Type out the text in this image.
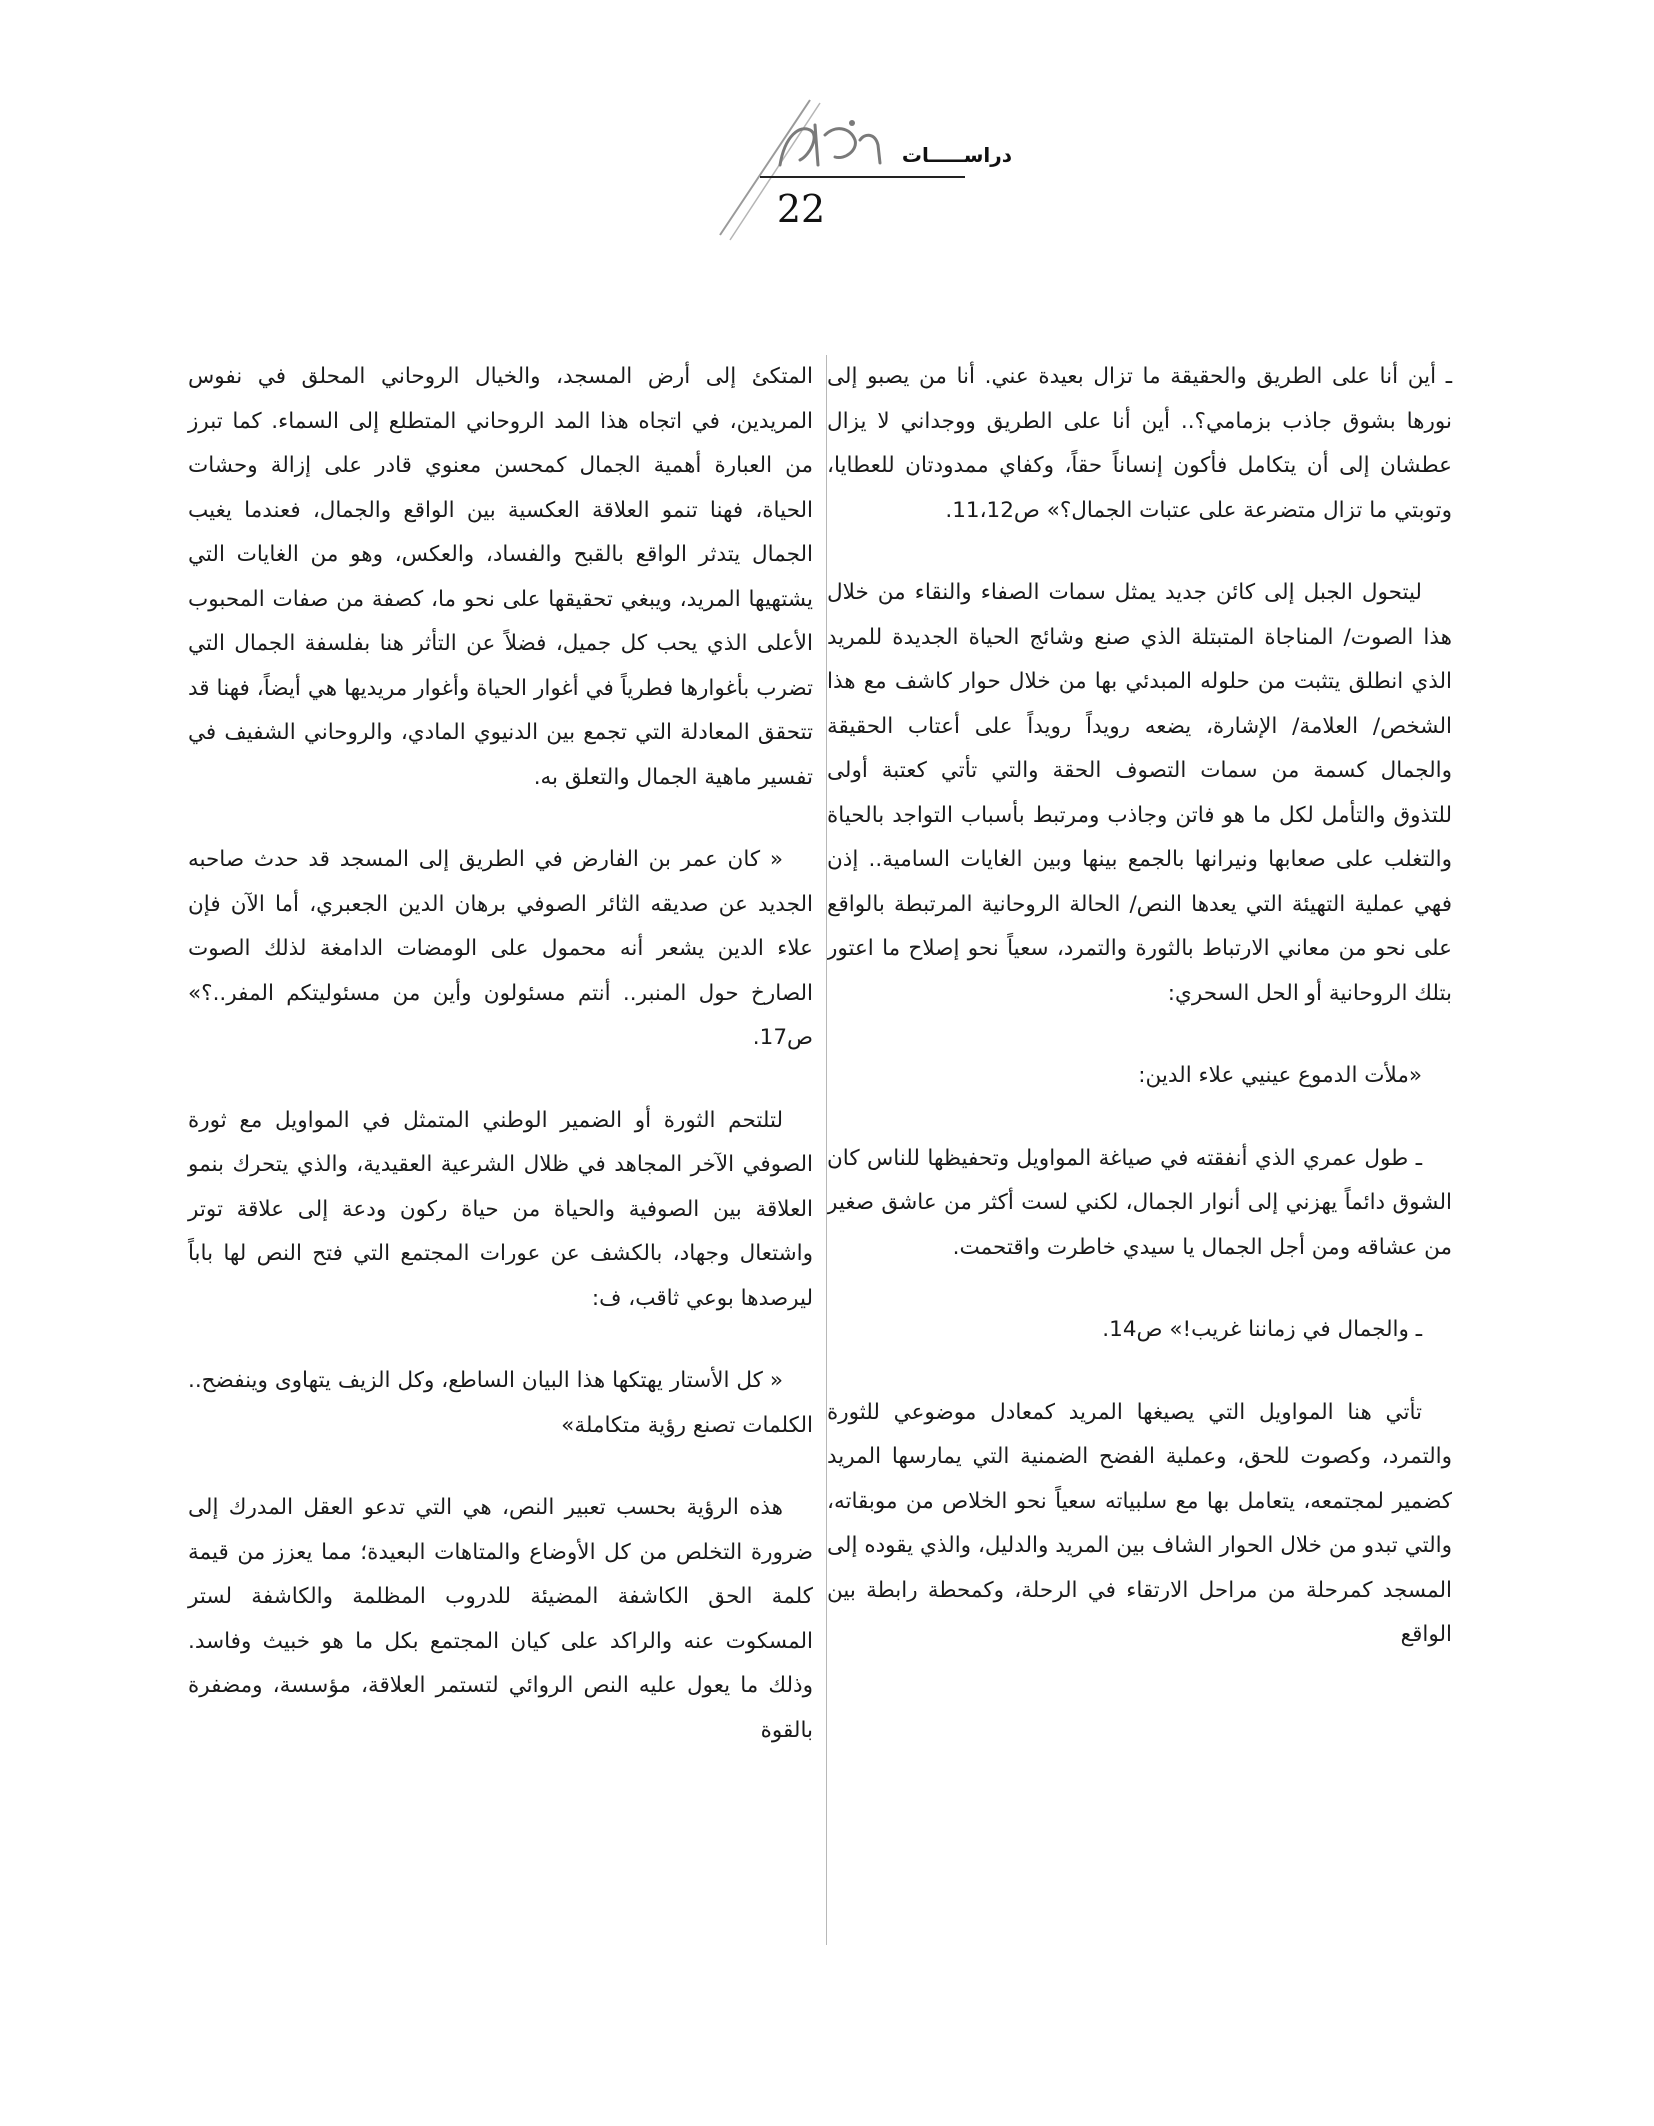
دراســـــات
22

ـ أين أنا على الطريق والحقيقة ما تزال بعيدة عني. أنا من يصبو إلى نورها بشوق جاذب بزمامي؟.. أين أنا على الطريق ووجداني لا يزال عطشان إلى أن يتكامل فأكون إنساناً حقاً، وكفاي ممدودتان للعطايا، وتوبتي ما تزال متضرعة على عتبات الجمال؟» ص11،12.

ليتحول الجبل إلى كائن جديد يمثل سمات الصفاء والنقاء من خلال هذا الصوت/ المناجاة المتبتلة الذي صنع وشائج الحياة الجديدة للمريد الذي انطلق يتثبت من حلوله المبدئي بها من خلال حوار كاشف مع هذا الشخص/ العلامة/ الإشارة، يضعه رويداً رويداً على أعتاب الحقيقة والجمال كسمة من سمات التصوف الحقة والتي تأتي كعتبة أولى للتذوق والتأمل لكل ما هو فاتن وجاذب ومرتبط بأسباب التواجد بالحياة والتغلب على صعابها ونيرانها بالجمع بينها وبين الغايات السامية.. إذن فهي عملية التهيئة التي يعدها النص/ الحالة الروحانية المرتبطة بالواقع على نحو من معاني الارتباط بالثورة والتمرد، سعياً نحو إصلاح ما اعتور بتلك الروحانية أو الحل السحري:

«ملأت الدموع عينيي علاء الدين:

ـ طول عمري الذي أنفقته في صياغة المواويل وتحفيظها للناس كان الشوق دائماً يهزني إلى أنوار الجمال، لكني لست أكثر من عاشق صغير من عشاقه ومن أجل الجمال يا سيدي خاطرت واقتحمت.

ـ والجمال في زماننا غريب!» ص14.

تأتي هنا المواويل التي يصيغها المريد كمعادل موضوعي للثورة والتمرد، وكصوت للحق، وعملية الفضح الضمنية التي يمارسها المريد كضمير لمجتمعه، يتعامل بها مع سلبياته سعياً نحو الخلاص من موبقاته، والتي تبدو من خلال الحوار الشاف بين المريد والدليل، والذي يقوده إلى المسجد كمرحلة من مراحل الارتقاء في الرحلة، وكمحطة رابطة بين الواقع

المتكئ إلى أرض المسجد، والخيال الروحاني المحلق في نفوس المريدين، في اتجاه هذا المد الروحاني المتطلع إلى السماء. كما تبرز من العبارة أهمية الجمال كمحسن معنوي قادر على إزالة وحشات الحياة، فهنا تنمو العلاقة العكسية بين الواقع والجمال، فعندما يغيب الجمال يتدثر الواقع بالقبح والفساد، والعكس، وهو من الغايات التي يشتهيها المريد، ويبغي تحقيقها على نحو ما، كصفة من صفات المحبوب الأعلى الذي يحب كل جميل، فضلاً عن التأثر هنا بفلسفة الجمال التي تضرب بأغوارها فطرياً في أغوار الحياة وأغوار مريديها هي أيضاً، فهنا قد تتحقق المعادلة التي تجمع بين الدنيوي المادي، والروحاني الشفيف في تفسير ماهية الجمال والتعلق به.

« كان عمر بن الفارض في الطريق إلى المسجد قد حدث صاحبه الجديد عن صديقه الثائر الصوفي برهان الدين الجعبري، أما الآن فإن علاء الدين يشعر أنه محمول على الومضات الدامغة لذلك الصوت الصارخ حول المنبر.. أنتم مسئولون وأين من مسئوليتكم المفر..؟» ص17.

لتلتحم الثورة أو الضمير الوطني المتمثل في المواويل مع ثورة الصوفي الآخر المجاهد في ظلال الشرعية العقيدية، والذي يتحرك بنمو العلاقة بين الصوفية والحياة من حياة ركون ودعة إلى علاقة توتر واشتعال وجهاد، بالكشف عن عورات المجتمع التي فتح النص لها باباً ليرصدها بوعي ثاقب، ف:

« كل الأستار يهتكها هذا البيان الساطع، وكل الزيف يتهاوى وينفضح.. الكلمات تصنع رؤية متكاملة»

هذه الرؤية بحسب تعبير النص، هي التي تدعو العقل المدرك إلى ضرورة التخلص من كل الأوضاع والمتاهات البعيدة؛ مما يعزز من قيمة كلمة الحق الكاشفة المضيئة للدروب المظلمة والكاشفة لستر المسكوت عنه والراكد على كيان المجتمع بكل ما هو خبيث وفاسد. وذلك ما يعول عليه النص الروائي لتستمر العلاقة، مؤسسة، ومضفرة بالقوة
